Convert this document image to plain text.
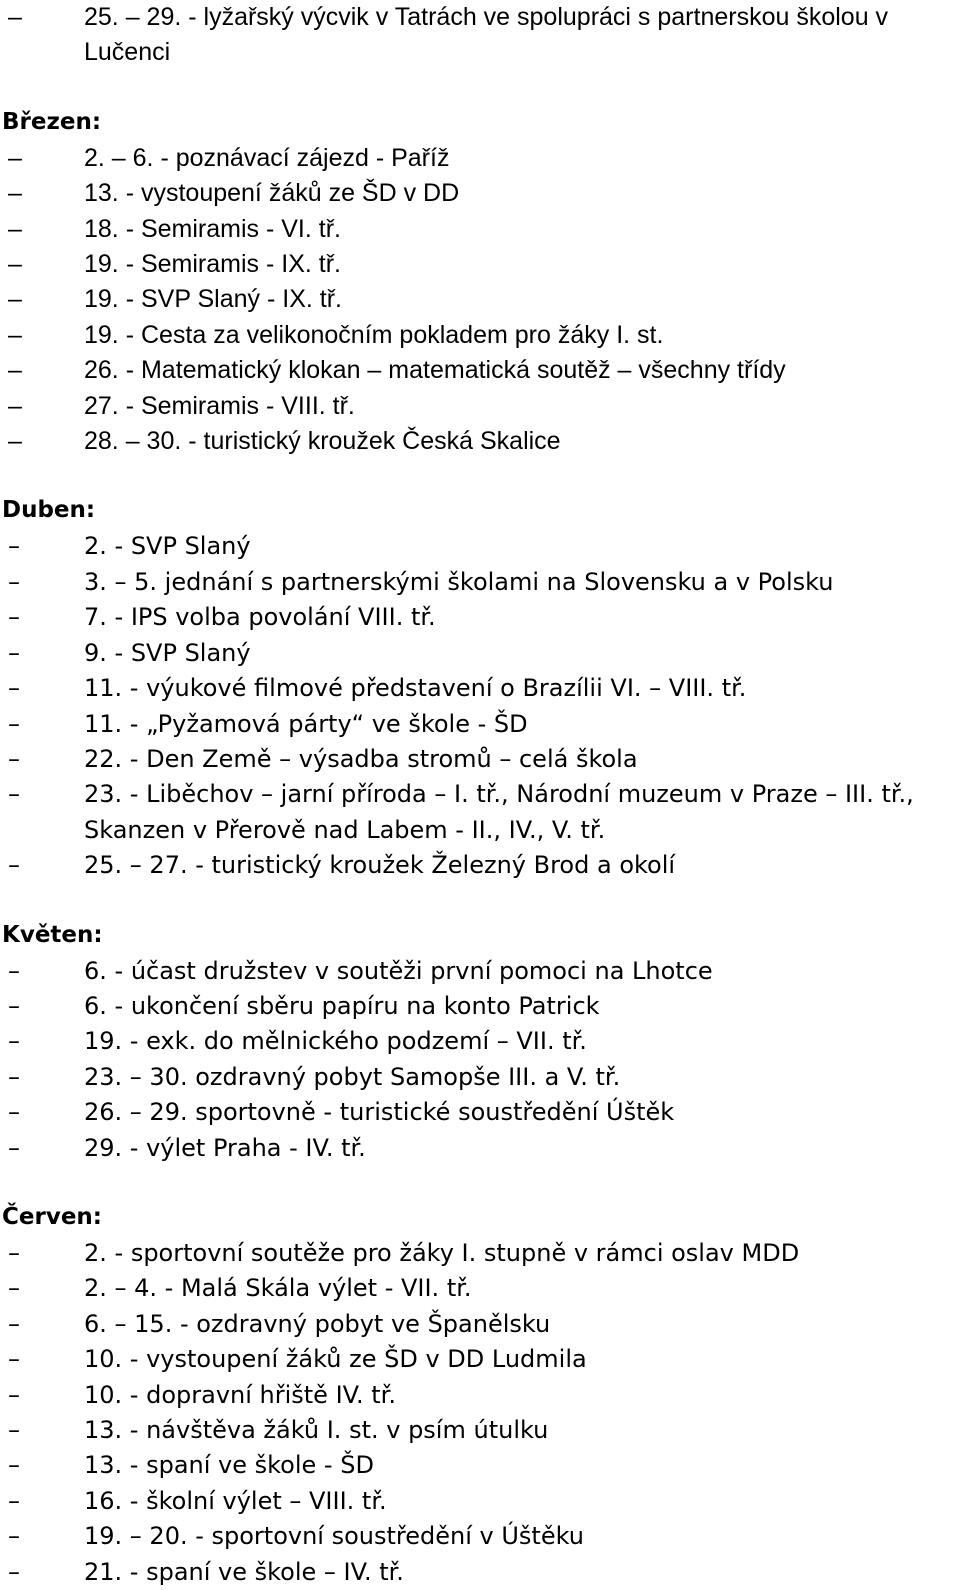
– 25. – 29. - lyžařský výcvik v Tatrách ve spolupráci s partnerskou školou v Lučenci
Březen:
– 2. – 6. - poznávací zájezd - Paříž
– 13. - vystoupení žáků ze ŠD v DD
– 18. - Semiramis - VI. tř.
– 19. - Semiramis - IX. tř.
– 19. - SVP Slaný - IX. tř.
– 19. - Cesta za velikonočním pokladem pro žáky I. st.
– 26. - Matematický klokan – matematická soutěž – všechny třídy
– 27. - Semiramis - VIII. tř.
– 28. – 30. - turistický kroužek Česká Skalice
Duben:
–	2. - SVP Slaný
–	3. – 5. jednání s partnerskými školami na Slovensku a v Polsku
–	7. - IPS volba povolání VIII. tř.
–	9. - SVP Slaný
–	11. - výukové filmové představení o Brazílii VI. – VIII. tř.
–	11. - „Pyžamová párty“ ve škole - ŠD
–	22. - Den Země – výsadba stromů – celá škola
–	23. - Liběchov – jarní příroda – I. tř., Národní muzeum v Praze – III. tř., Skanzen v Přerově nad Labem - II., IV., V. tř.
–	25. – 27. - turistický kroužek Železný Brod a okolí
Květen:
–	6. - účast družstev v soutěži první pomoci na Lhotce
–	6. - ukončení sběru papíru na konto Patrick
–	19. - exk. do mělnického podzemí – VII. tř.
–	23. – 30. ozdravný pobyt Samopše III. a V. tř.
–	26. – 29. sportovně - turistické soustředění Úštěk
–	29. - výlet Praha - IV. tř.
Červen:
–	2. - sportovní soutěže pro žáky I. stupně v rámci oslav MDD
–	2. – 4. - Malá Skála výlet - VII. tř.
–	6. – 15. - ozdravný pobyt ve Španělsku
–	10. - vystoupení žáků ze ŠD v DD Ludmila
–	10. - dopravní hřiště IV. tř.
–	13. - návštěva žáků I. st. v psím útulku
–	13. - spaní ve škole - ŠD
–	16. - školní výlet – VIII. tř.
–	19. – 20. - sportovní soustředění v Úštěku
–	21. - spaní ve škole – IV. tř.
